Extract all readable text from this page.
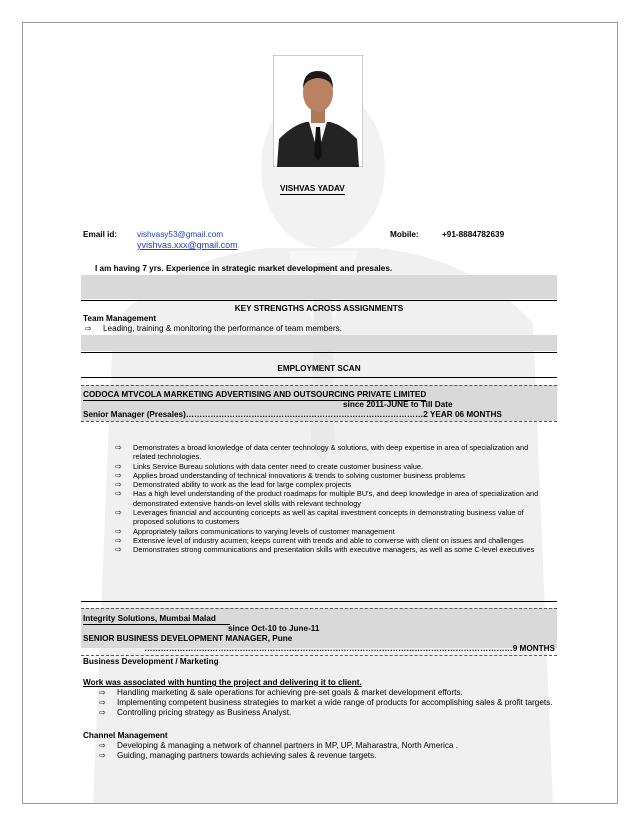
VISHVAS YADAV
Email id: vishvasy53@gmail.com
yvishvas.xxx@gmail.com
Mobile:	+91-8884782639
I am having 7 yrs. Experience in strategic market development and presales.
KEY STRENGTHS ACROSS ASSIGNMENTS
Team Management
⇨ Leading, training & monitoring the performance of team members.
EMPLOYMENT SCAN
CODOCA MTVCOLA MARKETING ADVERTISING AND OUTSOURCING PRIVATE LIMITED
since 2011-JUNE to Till Date
Senior Manager (Presales)……………………………………………………………………………2 YEAR 06 MONTHS
⇨ Demonstrates a broad knowledge of data center technology & solutions, with deep expertise in area of specialization and related technologies.
⇨ Links Service Bureau solutions with data center need to create customer business value.
⇨ Applies broad understanding of technical innovations & trends to solving customer business problems
⇨ Demonstrated ability to work as the lead for large complex projects
⇨ Has a high level understanding of the product roadmaps for multiple BU's, and deep knowledge in area of specialization and demonstrated extensive hands-on level skills with relevant technology
⇨ Leverages financial and accounting concepts as well as capital investment concepts in demonstrating business value of proposed solutions to customers
⇨ Appropriately tailors communications to varying levels of customer management
⇨ Extensive level of industry acumen; keeps current with trends and able to converse with client on issues and challenges
⇨ Demonstrates strong communications and presentation skills with executive managers, as well as some C-level executives
Integrity Solutions, Mumbai Malad
since Oct-10 to June-11
SENIOR BUSINESS DEVELOPMENT MANAGER, Pune
………………………………………………………………………………………………………………………9 MONTHS
Business Development / Marketing
Work was associated with hunting the project and delivering it to client.
⇨ Handling marketing & sale operations for achieving pre-set goals & market development efforts.
⇨ Implementing competent business strategies to market a wide range of products for accomplishing sales & profit targets.
⇨ Controlling pricing strategy as Business Analyst.
Channel Management
⇨ Developing & managing a network of channel partners in MP, UP, Maharastra, North America .
⇨ Guiding, managing partners towards achieving sales & revenue targets.
